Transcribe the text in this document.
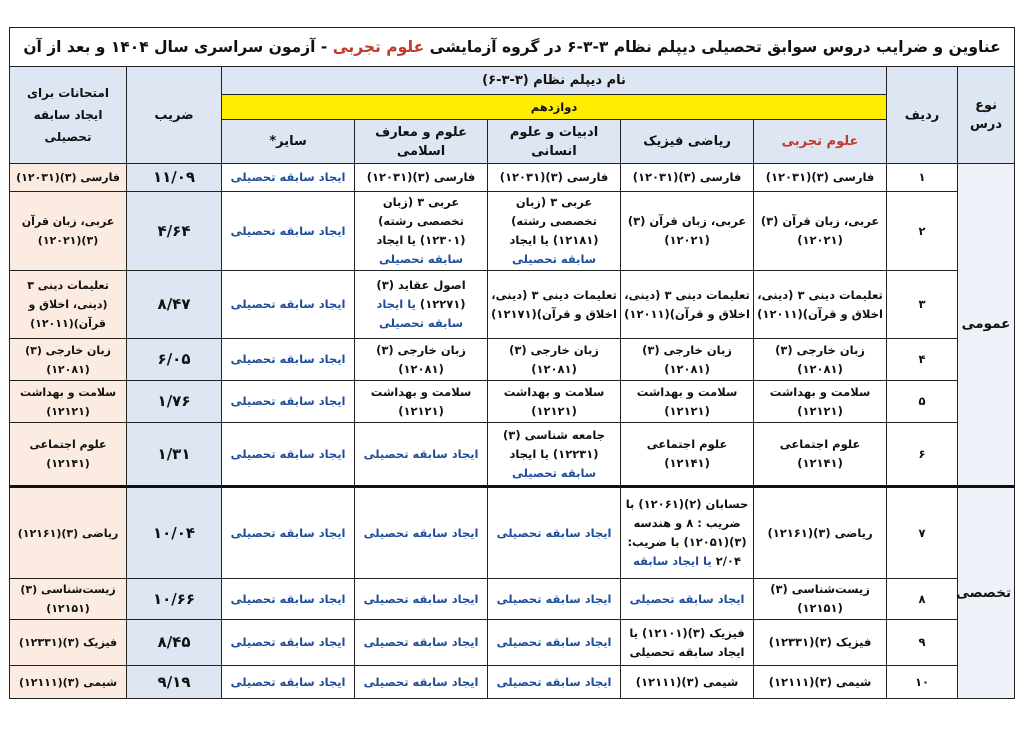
عناوین و ضرایب دروس سوابق تحصیلی دیپلم نظام ۳-۳-۶ در گروه آزمایشی علوم تجربی - آزمون سراسری سال ۱۴۰۴ و بعد از آن								
نوع درس	ردیف	نام دیپلم نظام (۳-۳-۶)					ضریب	امتحانات برای ایجاد سابقه تحصیلی
		دوازدهم						
		علوم تجربی	ریاضی فیزیک	ادبیات و علوم انسانی	علوم و معارف اسلامی	سایر*		
عمومی	۱	فارسی (۳)(۱۲۰۳۱)	فارسی (۳)(۱۲۰۳۱)	فارسی (۳)(۱۲۰۳۱)	فارسی (۳)(۱۲۰۳۱)	ایجاد سابقه تحصیلی	۱۱/۰۹	فارسی (۳)(۱۲۰۳۱)
	۲	عربی، زبان قرآن (۳)(۱۲۰۲۱)	عربی، زبان قرآن (۳)(۱۲۰۲۱)	عربی ۳ (زبان تخصصی رشته)(۱۲۱۸۱) یا ایجاد سابقه تحصیلی	عربی ۳ (زبان تخصصی رشته)(۱۲۳۰۱) یا ایجاد سابقه تحصیلی	ایجاد سابقه تحصیلی	۴/۶۴	عربی، زبان قرآن (۳)(۱۲۰۲۱)
	۳	تعلیمات دینی ۳ (دینی، اخلاق و قرآن)(۱۲۰۱۱)	تعلیمات دینی ۳ (دینی، اخلاق و قرآن)(۱۲۰۱۱)	تعلیمات دینی ۳ (دینی، اخلاق و قرآن)(۱۲۱۷۱)	اصول عقاید (۳)(۱۲۲۷۱) یا ایجاد سابقه تحصیلی	ایجاد سابقه تحصیلی	۸/۴۷	تعلیمات دینی ۳ (دینی، اخلاق و قرآن)(۱۲۰۱۱)
	۴	زبان خارجی (۳)(۱۲۰۸۱)	زبان خارجی (۳)(۱۲۰۸۱)	زبان خارجی (۳)(۱۲۰۸۱)	زبان خارجی (۳)(۱۲۰۸۱)	ایجاد سابقه تحصیلی	۶/۰۵	زبان خارجی (۳)(۱۲۰۸۱)
	۵	سلامت و بهداشت (۱۲۱۲۱)	سلامت و بهداشت (۱۲۱۲۱)	سلامت و بهداشت (۱۲۱۲۱)	سلامت و بهداشت (۱۲۱۲۱)	ایجاد سابقه تحصیلی	۱/۷۶	سلامت و بهداشت (۱۲۱۲۱)
	۶	علوم اجتماعی (۱۲۱۴۱)	علوم اجتماعی (۱۲۱۴۱)	جامعه شناسی (۳)(۱۲۲۳۱) یا ایجاد سابقه تحصیلی	ایجاد سابقه تحصیلی	ایجاد سابقه تحصیلی	۱/۳۱	علوم اجتماعی (۱۲۱۴۱)
تخصصی	۷	ریاضی (۳)(۱۲۱۶۱)	حسابان (۲)(۱۲۰۶۱) با ضریب : ۸ و هندسه (۳)(۱۲۰۵۱) با ضریب: ۲/۰۴ یا ایجاد سابقه	ایجاد سابقه تحصیلی	ایجاد سابقه تحصیلی	ایجاد سابقه تحصیلی	۱۰/۰۴	ریاضی (۳)(۱۲۱۶۱)
	۸	زیست‌شناسی (۳)(۱۲۱۵۱)	ایجاد سابقه تحصیلی	ایجاد سابقه تحصیلی	ایجاد سابقه تحصیلی	ایجاد سابقه تحصیلی	۱۰/۶۶	زیست‌شناسی (۳)(۱۲۱۵۱)
	۹	فیزیک (۳)(۱۲۳۳۱)	فیزیک (۳)(۱۲۱۰۱) یا ایجاد سابقه تحصیلی	ایجاد سابقه تحصیلی	ایجاد سابقه تحصیلی	ایجاد سابقه تحصیلی	۸/۴۵	فیزیک (۳)(۱۲۳۳۱)
	۱۰	شیمی (۳)(۱۲۱۱۱)	شیمی (۳)(۱۲۱۱۱)	ایجاد سابقه تحصیلی	ایجاد سابقه تحصیلی	ایجاد سابقه تحصیلی	۹/۱۹	شیمی (۳)(۱۲۱۱۱)
